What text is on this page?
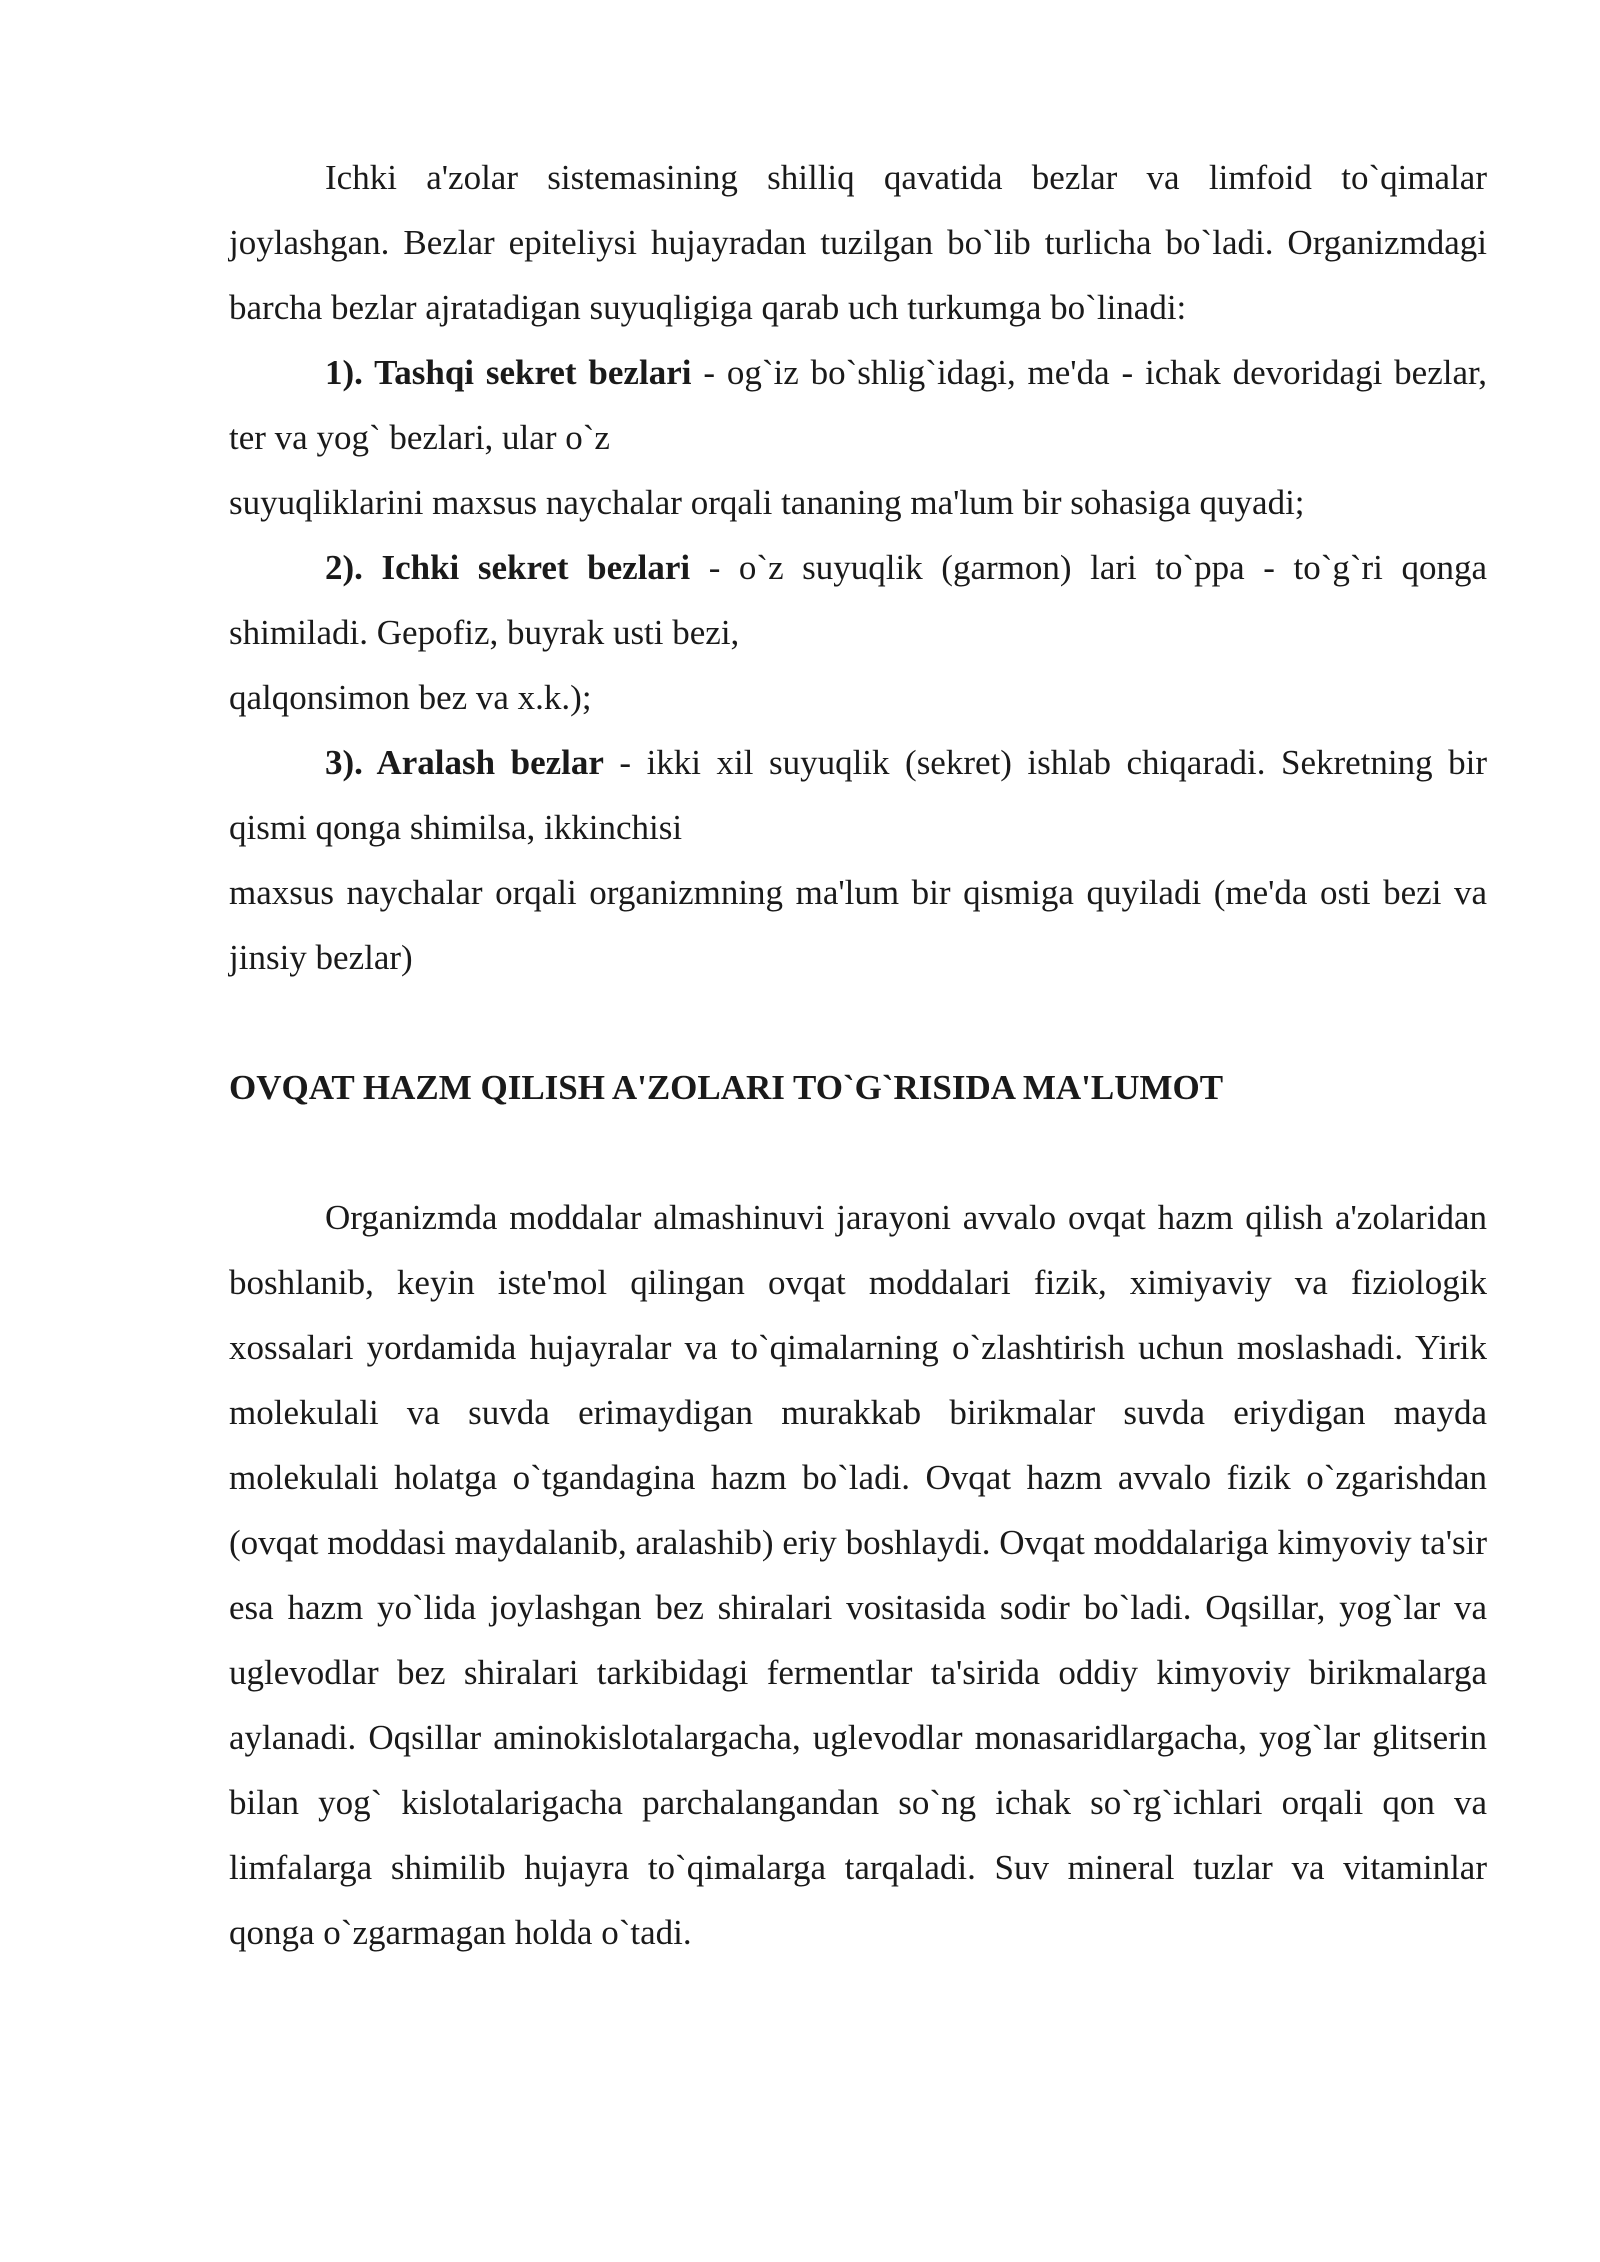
Ichki a'zolar sistemasining shilliq qavatida bezlar va limfoid to`qimalar joylashgan. Bezlar epiteliysi hujayradan tuzilgan bo`lib turlicha bo`ladi. Organizmdagi barcha bezlar ajratadigan suyuqligiga qarab uch turkumga bo`linadi:

1). Tashqi sekret bezlari - og`iz bo`shlig`idagi, me'da - ichak devoridagi bezlar, ter va yog` bezlari, ular o`z

suyuqliklarini maxsus naychalar orqali tananing ma'lum bir sohasiga quyadi;

2). Ichki sekret bezlari - o`z suyuqlik (garmon) lari to`ppa - to`g`ri qonga shimiladi. Gepofiz, buyrak usti bezi,

qalqonsimon bez va x.k.);

3). Aralash bezlar - ikki xil suyuqlik (sekret) ishlab chiqaradi. Sekretning bir qismi qonga shimilsa, ikkinchisi

maxsus naychalar orqali organizmning ma'lum bir qismiga quyiladi (me'da osti bezi va jinsiy bezlar)

OVQAT HAZM QILISH A'ZOLARI TO`G`RISIDA MA'LUMOT

Organizmda moddalar almashinuvi jarayoni avvalo ovqat hazm qilish a'zolaridan boshlanib, keyin iste'mol qilingan ovqat moddalari fizik, ximiyaviy va fiziologik xossalari yordamida hujayralar va to`qimalarning o`zlashtirish uchun moslashadi. Yirik molekulali va suvda erimaydigan murakkab birikmalar suvda eriydigan mayda molekulali holatga o`tgandagina hazm bo`ladi. Ovqat hazm avvalo fizik o`zgarishdan (ovqat moddasi maydalanib, aralashib) eriy boshlaydi. Ovqat moddalariga kimyoviy ta'sir esa hazm yo`lida joylashgan bez shiralari vositasida sodir bo`ladi. Oqsillar, yog`lar va uglevodlar bez shiralari tarkibidagi fermentlar ta'sirida oddiy kimyoviy birikmalarga aylanadi. Oqsillar aminokislotalargacha, uglevodlar monasaridlargacha, yog`lar glitserin bilan yog` kislotalarigacha parchalangandan so`ng ichak so`rg`ichlari orqali qon va limfalarga shimilib hujayra to`qimalarga tarqaladi. Suv mineral tuzlar va vitaminlar qonga o`zgarmagan holda o`tadi.
